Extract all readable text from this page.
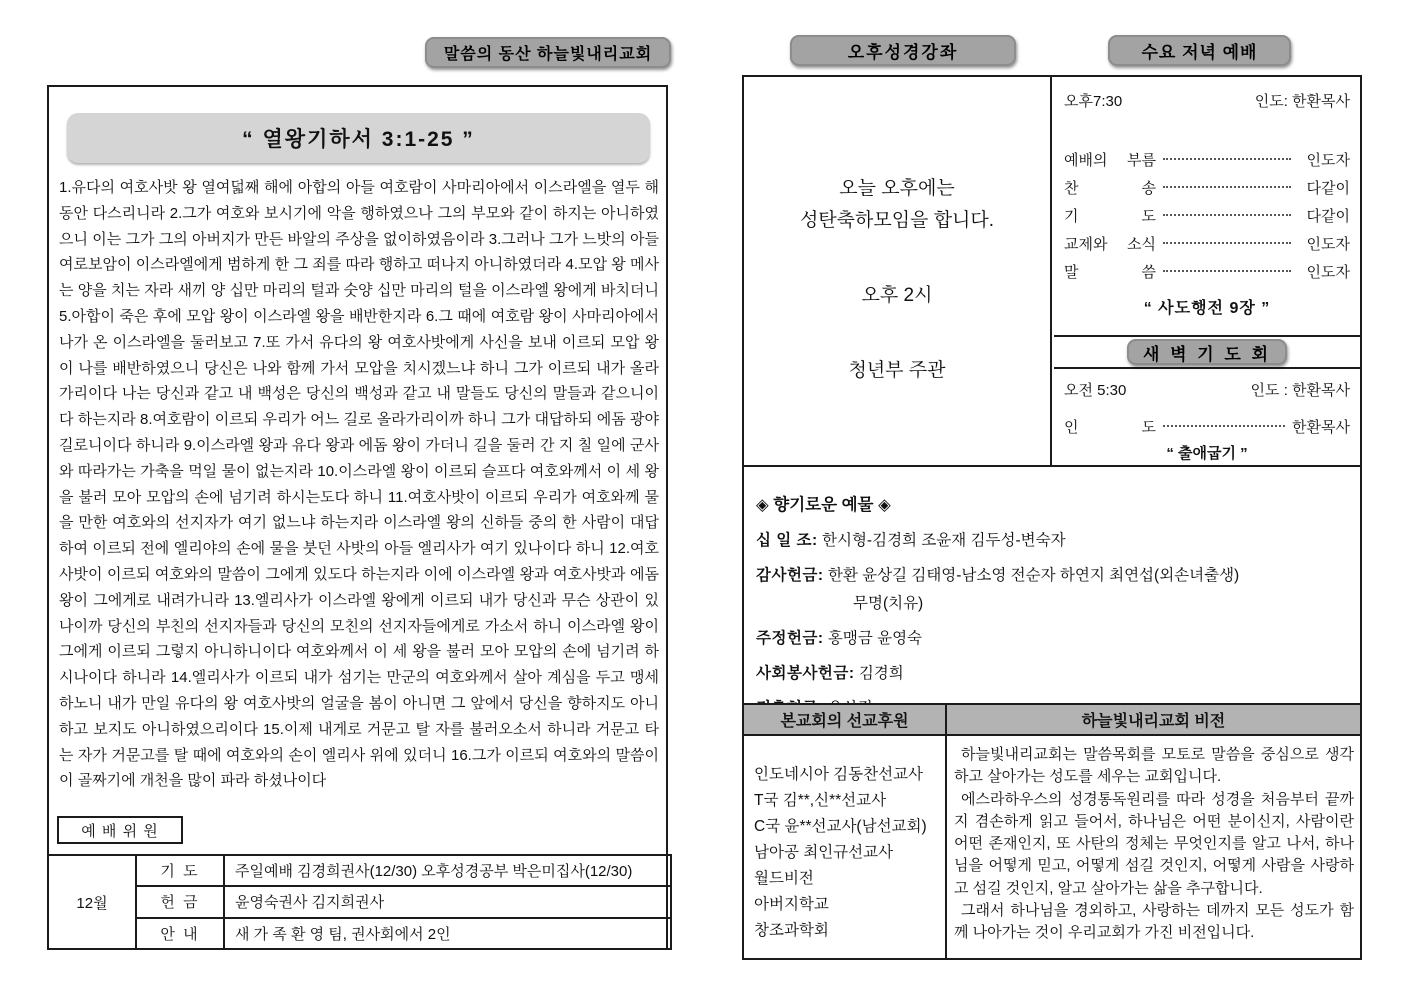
말씀의 동산 하늘빛내리교회
“ 열왕기하서 3:1-25 ”
1.유다의 여호사밧 왕 열여덟째 해에 아합의 아들 여호람이 사마리아에서 이스라엘을 열두 해 동안 다스리니라 2.그가 여호와 보시기에 악을 행하였으나 그의 부모와 같이 하지는 아니하였으니 이는 그가 그의 아버지가 만든 바알의 주상을 없이하였음이라 3.그러나 그가 느밧의 아들 여로보암이 이스라엘에게 범하게 한 그 죄를 따라 행하고 떠나지 아니하였더라 4.모압 왕 메사는 양을 치는 자라 새끼 양 십만 마리의 털과 숫양 십만 마리의 털을 이스라엘 왕에게 바치더니 5.아합이 죽은 후에 모압 왕이 이스라엘 왕을 배반한지라 6.그 때에 여호람 왕이 사마리아에서 나가 온 이스라엘을 둘러보고 7.또 가서 유다의 왕 여호사밧에게 사신을 보내 이르되 모압 왕이 나를 배반하였으니 당신은 나와 함께 가서 모압을 치시겠느냐 하니 그가 이르되 내가 올라가리이다 나는 당신과 같고 내 백성은 당신의 백성과 같고 내 말들도 당신의 말들과 같으니이다 하는지라 8.여호람이 이르되 우리가 어느 길로 올라가리이까 하니 그가 대답하되 에돔 광야 길로니이다 하니라 9.이스라엘 왕과 유다 왕과 에돔 왕이 가더니 길을 둘러 간 지 칠 일에 군사와 따라가는 가축을 먹일 물이 없는지라 10.이스라엘 왕이 이르되 슬프다 여호와께서 이 세 왕을 불러 모아 모압의 손에 넘기려 하시는도다 하니 11.여호사밧이 이르되 우리가 여호와께 물을 만한 여호와의 선지자가 여기 없느냐 하는지라 이스라엘 왕의 신하들 중의 한 사람이 대답하여 이르되 전에 엘리야의 손에 물을 붓던 사밧의 아들 엘리사가 여기 있나이다 하니 12.여호사밧이 이르되 여호와의 말씀이 그에게 있도다 하는지라 이에 이스라엘 왕과 여호사밧과 에돔 왕이 그에게로 내려가니라 13.엘리사가 이스라엘 왕에게 이르되 내가 당신과 무슨 상관이 있나이까 당신의 부친의 선지자들과 당신의 모친의 선지자들에게로 가소서 하니 이스라엘 왕이 그에게 이르되 그렇지 아니하니이다 여호와께서 이 세 왕을 불러 모아 모압의 손에 넘기려 하시나이다 하니라 14.엘리사가 이르되 내가 섬기는 만군의 여호와께서 살아 계심을 두고 맹세하노니 내가 만일 유다의 왕 여호사밧의 얼굴을 봄이 아니면 그 앞에서 당신을 향하지도 아니하고 보지도 아니하였으리이다 15.이제 내게로 거문고 탈 자를 불러오소서 하니라 거문고 타는 자가 거문고를 탈 때에 여호와의 손이 엘리사 위에 있더니 16.그가 이르되 여호와의 말씀이 이 골짜기에 개천을 많이 파라 하셨나이다
예 배 위 원
12월	기 도	주일예배 김경희권사(12/30) 오후성경공부 박은미집사(12/30)
	헌 금	윤영숙권사 김지희권사
	안 내	새 가 족 환 영 팀, 권사회에서 2인
오후성경강좌	수요 저녁 예배
오늘 오후에는
성탄축하모임을 합니다.
오후 2시
청년부 주관
오후7:30	인도: 한환목사
예배의 부름	인도자
찬 송	다같이
기 도	다같이
교제와 소식	인도자
말 씀	인도자
“ 사도행전 9장 ”
새 벽 기 도 회
오전 5:30	인도 : 한환목사
인 도	한환목사
“ 출애굽기 ”
◈ 향기로운 예물 ◈
십 일 조: 한시형-김경희 조윤재 김두성-변숙자
감사헌금: 한환 윤상길 김태영-남소영 전순자 하연지 최연섭(외손녀출생)
무명(치유)
주정헌금: 홍맹금 윤영숙
사회봉사헌금: 김경희
본교회의 선교후원	하늘빛내리교회 비전
인도네시아 김동찬선교사
T국 김**,신**선교사
C국 윤**선교사(남선교회)
남아공 최인규선교사
월드비전
아버지학교
창조과학회

하늘빛내리교회는 말씀목회를 모토로 말씀을 중심으로 생각하고 살아가는 성도를 세우는 교회입니다.

에스라하우스의 성경통독원리를 따라 성경을 처음부터 끝까지 겸손하게 읽고 들어서, 하나님은 어떤 분이신지, 사람이란 어떤 존재인지, 또 사탄의 정체는 무엇인지를 알고 나서, 하나님을 어떻게 믿고, 어떻게 섬길 것인지, 어떻게 사람을 사랑하고 섬길 것인지, 알고 살아가는 삶을 추구합니다.

그래서 하나님을 경외하고, 사랑하는 데까지 모든 성도가 함께 나아가는 것이 우리교회가 가진 비전입니다.
